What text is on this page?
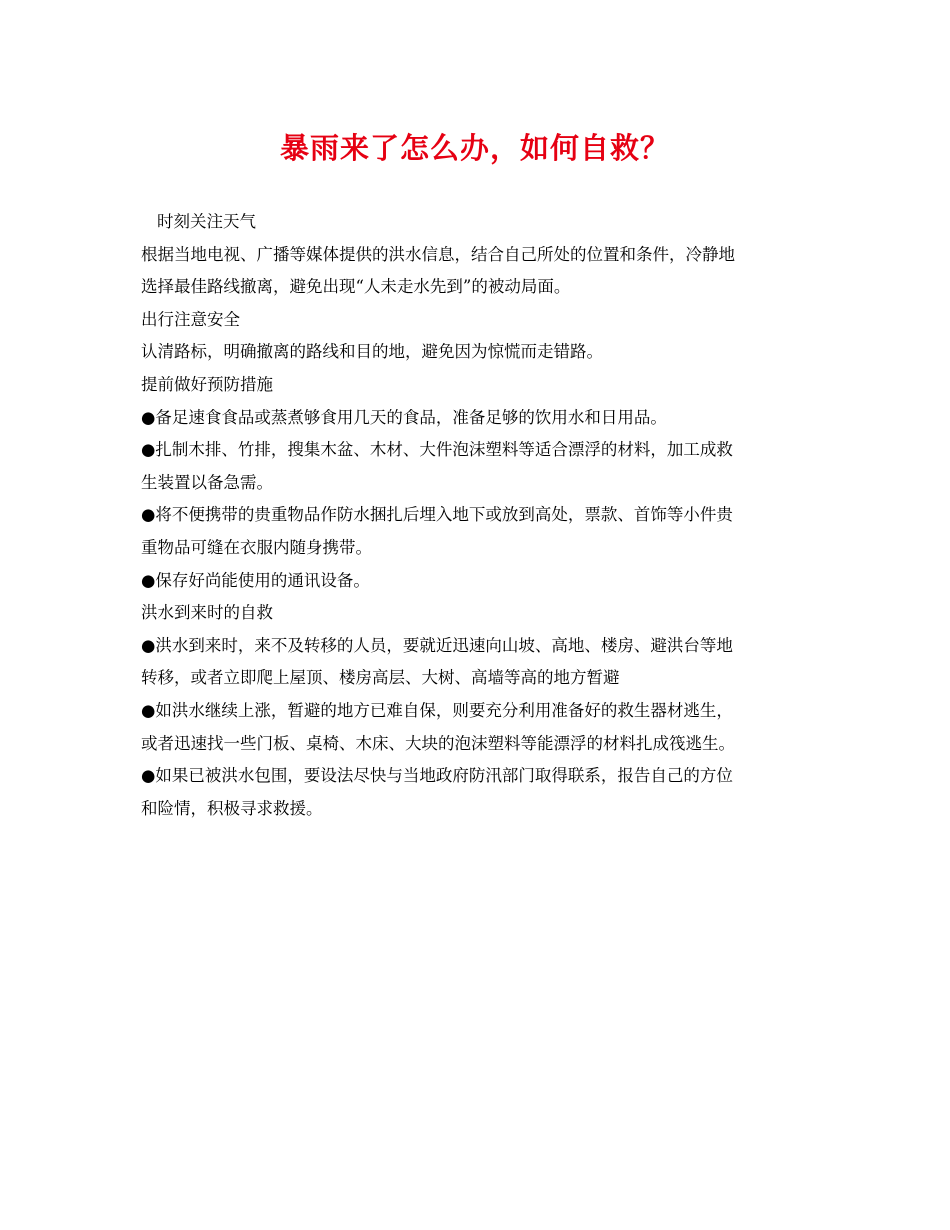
暴雨来了怎么办，如何自救？
时刻关注天气
根据当地电视、广播等媒体提供的洪水信息，结合自己所处的位置和条件，冷静地
选择最佳路线撤离，避免出现“人未走水先到”的被动局面。
出行注意安全
认清路标，明确撤离的路线和目的地，避免因为惊慌而走错路。
提前做好预防措施
●备足速食食品或蒸煮够食用几天的食品，准备足够的饮用水和日用品。
●扎制木排、竹排，搜集木盆、木材、大件泡沫塑料等适合漂浮的材料，加工成救
生装置以备急需。
●将不便携带的贵重物品作防水捆扎后埋入地下或放到高处，票款、首饰等小件贵
重物品可缝在衣服内随身携带。
●保存好尚能使用的通讯设备。
洪水到来时的自救
●洪水到来时，来不及转移的人员，要就近迅速向山坡、高地、楼房、避洪台等地
转移，或者立即爬上屋顶、楼房高层、大树、高墙等高的地方暂避
●如洪水继续上涨，暂避的地方已难自保，则要充分利用准备好的救生器材逃生，
或者迅速找一些门板、桌椅、木床、大块的泡沫塑料等能漂浮的材料扎成筏逃生。
●如果已被洪水包围，要设法尽快与当地政府防汛部门取得联系，报告自己的方位
和险情，积极寻求救援。
